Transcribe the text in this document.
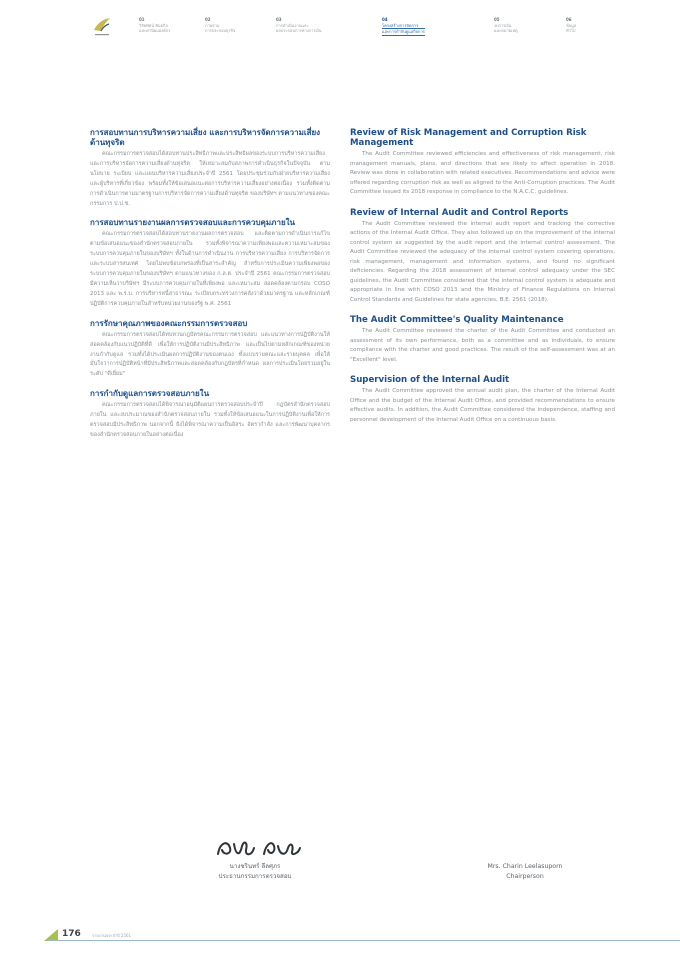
01
วิสัยทัศน์ พันธกิจ
และค่านิยมองค์กร
02
ภาพรวม
การประกอบธุรกิจ
03
การดำเนินงานและ
ผลประกอบการทางการเงิน
04
โครงสร้างการจัดการ
และการกำกับดูแลกิจการ
05
งบการเงิน
และหมายเหตุ
06
ข้อมูล
ทั่วไป
การสอบทานการบริหารความเสี่ยง และการบริหารจัดการความเสี่ยงด้านทุจริต

คณะกรรมการตรวจสอบได้สอบทานประสิทธิภาพและประสิทธิผลของระบบการบริหารความเสี่ยงและการบริหารจัดการความเสี่ยงด้านทุจริต ให้เหมาะสมกับสภาพการดำเนินธุรกิจในปัจจุบัน ตามนโยบาย ระเบียบ และแผนบริหารความเสี่ยงประจำปี 2561 โดยประชุมร่วมกับฝ่ายบริหารความเสี่ยง และผู้บริหารที่เกี่ยวข้อง พร้อมทั้งให้ข้อเสนอแนะต่อการบริหารความเสี่ยงอย่างต่อเนื่อง รวมทั้งติดตามการดำเนินการตามมาตรฐานการบริหารจัดการความเสี่ยงด้านทุจริต ของบริษัทฯ ตามแนวทางของคณะกรรมการ ป.ป.ช.

การสอบทานรายงานผลการตรวจสอบและการควบคุมภายใน

คณะกรรมการตรวจสอบได้สอบทานรายงานผลการตรวจสอบ และติดตามการดำเนินการแก้ไขตามข้อเสนอแนะของสำนักตรวจสอบภายใน รวมทั้งพิจารณาความเพียงพอและความเหมาะสมของระบบการควบคุมภายในของบริษัทฯ ทั้งในด้านการดำเนินงาน การบริหารความเสี่ยง การบริหารจัดการ และระบบสารสนเทศ โดยไม่พบข้อบกพร่องที่เป็นสาระสำคัญ สำหรับการประเมินความเพียงพอของระบบการควบคุมภายในของบริษัทฯ ตามแนวทางของ ก.ล.ต. ประจำปี 2561 คณะกรรมการตรวจสอบมีความเห็นว่าบริษัทฯ มีระบบการควบคุมภายในที่เพียงพอ และเหมาะสม สอดคล้องตามกรอบ COSO 2013 และ พ.ร.บ. การบริหารหนี้สาธารณะ ระเบียบกระทรวงการคลังว่าด้วยมาตรฐาน และหลักเกณฑ์ปฏิบัติการควบคุมภายในสำหรับหน่วยงานของรัฐ พ.ศ. 2561

การรักษาคุณภาพของคณะกรรมการตรวจสอบ

คณะกรรมการตรวจสอบได้ทบทวนกฎบัตรคณะกรรมการตรวจสอบ และแนวทางการปฏิบัติงานให้สอดคล้องกับแนวปฏิบัติที่ดี เพื่อให้การปฏิบัติงานมีประสิทธิภาพ และเป็นไปตามหลักเกณฑ์ของหน่วยงานกำกับดูแล รวมทั้งได้ประเมินผลการปฏิบัติงานของตนเอง ทั้งแบบรายคณะและรายบุคคล เพื่อให้มั่นใจว่าการปฏิบัติหน้าที่มีประสิทธิภาพและสอดคล้องกับกฎบัตรที่กำหนด ผลการประเมินโดยรวมอยู่ในระดับ "ดีเยี่ยม"

การกำกับดูแลการตรวจสอบภายใน

คณะกรรมการตรวจสอบได้พิจารณาอนุมัติแผนการตรวจสอบประจำปี กฎบัตรสำนักตรวจสอบภายใน และงบประมาณของสำนักตรวจสอบภายใน รวมทั้งให้ข้อเสนอแนะในการปฏิบัติงานเพื่อให้การตรวจสอบมีประสิทธิภาพ นอกจากนี้ ยังได้พิจารณาความเป็นอิสระ อัตรากำลัง และการพัฒนาบุคลากรของสำนักตรวจสอบภายในอย่างต่อเนื่อง

Review of Risk Management and Corruption Risk Management

The Audit Committee reviewed efficiencies and effectiveness of risk management, risk management manuals, plans, and directions that are likely to affect operation in 2018. Review was done in collaboration with related executives. Recommendations and advice were offered regarding corruption risk as well as aligned to the Anti-Corruption practices. The Audit Committee issued its 2018 response in compliance to the N.A.C.C. guidelines.

Review of Internal Audit and Control Reports

The Audit Committee reviewed the internal audit report and tracking the corrective actions of the Internal Audit Office. They also followed up on the improvement of the internal control system as suggested by the audit report and the internal control assessment. The Audit Committee reviewed the adequacy of the internal control system covering operations, risk management, management and information systems, and found no significant deficiencies. Regarding the 2018 assessment of internal control adequacy under the SEC guidelines, the Audit Committee considered that the internal control system is adequate and appropriate in line with COSO 2013 and the Ministry of Finance Regulations on Internal Control Standards and Guidelines for state agencies, B.E. 2561 (2018).

The Audit Committee's Quality Maintenance

The Audit Committee reviewed the charter of the Audit Committee and conducted an assessment of its own performance, both as a committee and as individuals, to ensure compliance with the charter and good practices. The result of the self-assessment was at an "Excellent" level.

Supervision of the Internal Audit

The Audit Committee approved the annual audit plan, the charter of the Internal Audit Office and the budget of the Internal Audit Office, and provided recommendations to ensure effective audits. In addition, the Audit Committee considered the independence, staffing and personnel development of the Internal Audit Office on a continuous basis.

นางชรินทร์ ลีลศุภร
ประธานกรรมการตรวจสอบ
Mrs. Charin Leelasuporn
Chairperson
176	รายงานประจำปี 2561
